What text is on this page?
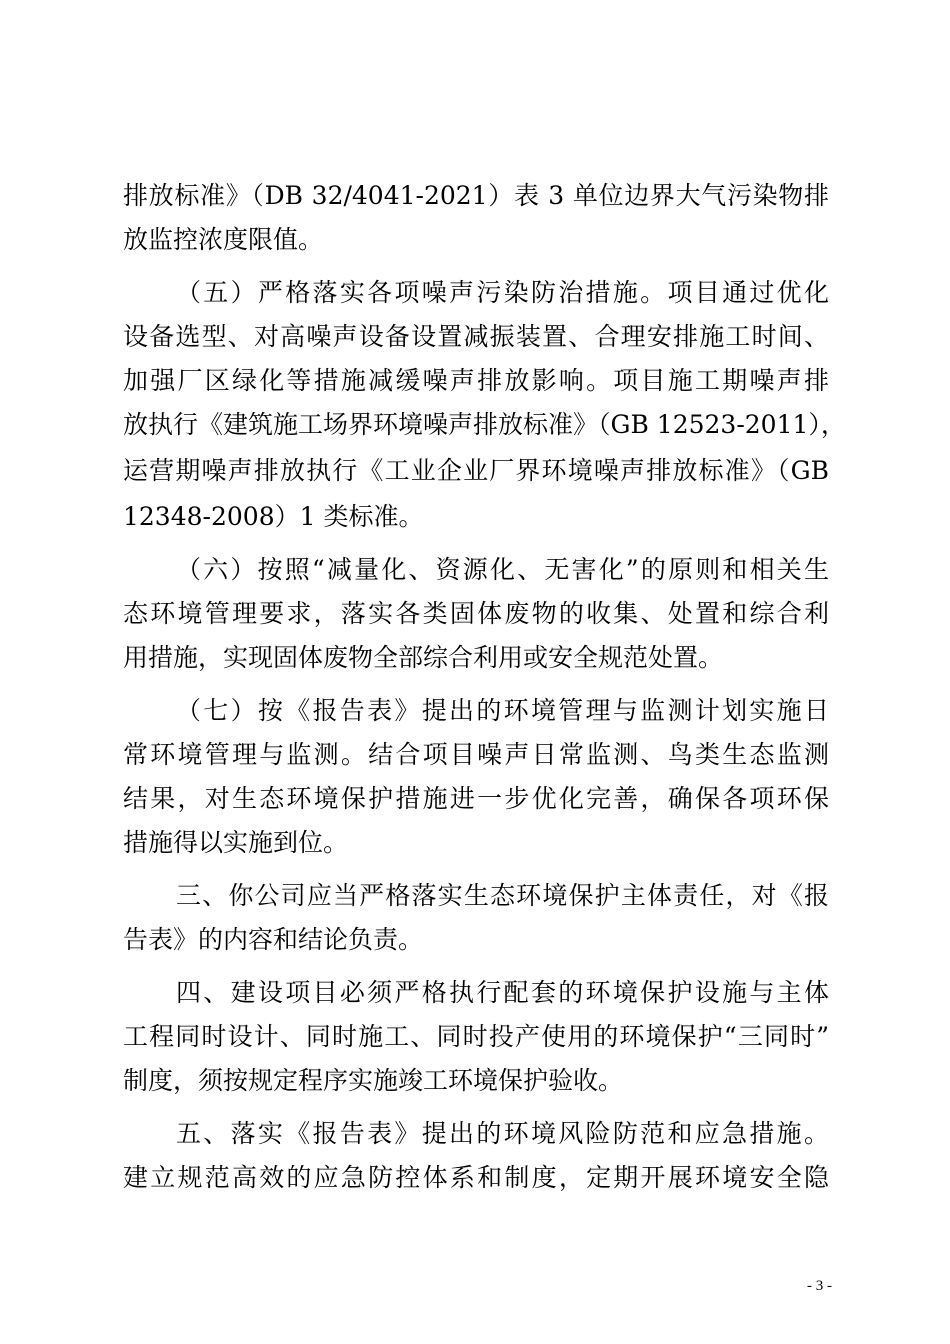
排放标准》（DB 32/4041-2021）表 3 单位边界大气污染物排
放监控浓度限值。
（五）严格落实各项噪声污染防治措施。项目通过优化
设备选型、对高噪声设备设置减振装置、合理安排施工时间、
加强厂区绿化等措施减缓噪声排放影响。项目施工期噪声排
放执行《建筑施工场界环境噪声排放标准》（GB 12523-2011），
运营期噪声排放执行《工业企业厂界环境噪声排放标准》（GB
12348-2008）1 类标准。
（六）按照“减量化、资源化、无害化”的原则和相关生
态环境管理要求，落实各类固体废物的收集、处置和综合利
用措施，实现固体废物全部综合利用或安全规范处置。
（七）按《报告表》提出的环境管理与监测计划实施日
常环境管理与监测。结合项目噪声日常监测、鸟类生态监测
结果，对生态环境保护措施进一步优化完善，确保各项环保
措施得以实施到位。
三、你公司应当严格落实生态环境保护主体责任，对《报
告表》的内容和结论负责。
四、建设项目必须严格执行配套的环境保护设施与主体
工程同时设计、同时施工、同时投产使用的环境保护“三同时”
制度，须按规定程序实施竣工环境保护验收。
五、落实《报告表》提出的环境风险防范和应急措施。
建立规范高效的应急防控体系和制度，定期开展环境安全隐
- 3 -
